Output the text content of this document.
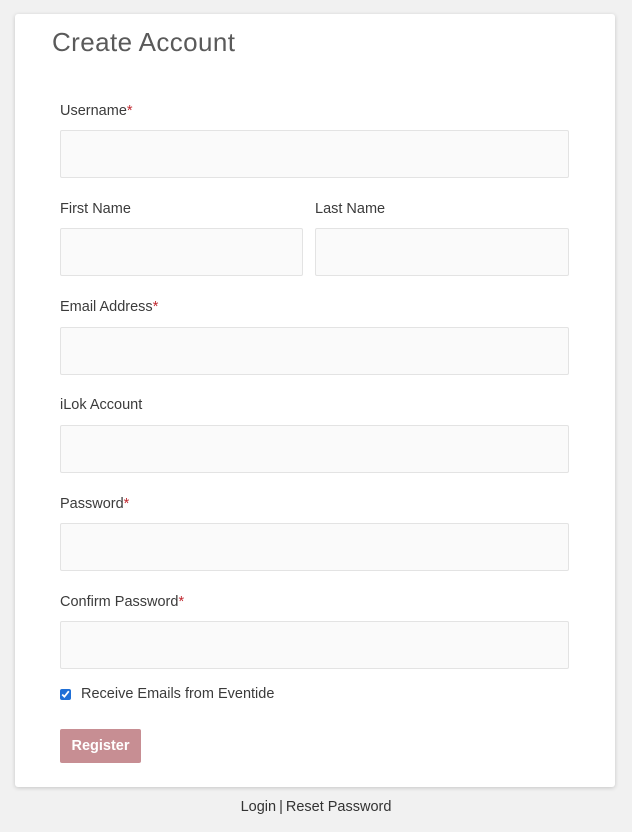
Create Account
Username*
First Name	Last Name
Email Address*
iLok Account
Password*
Confirm Password*
Receive Emails from Eventide
Register
Login | Reset Password
